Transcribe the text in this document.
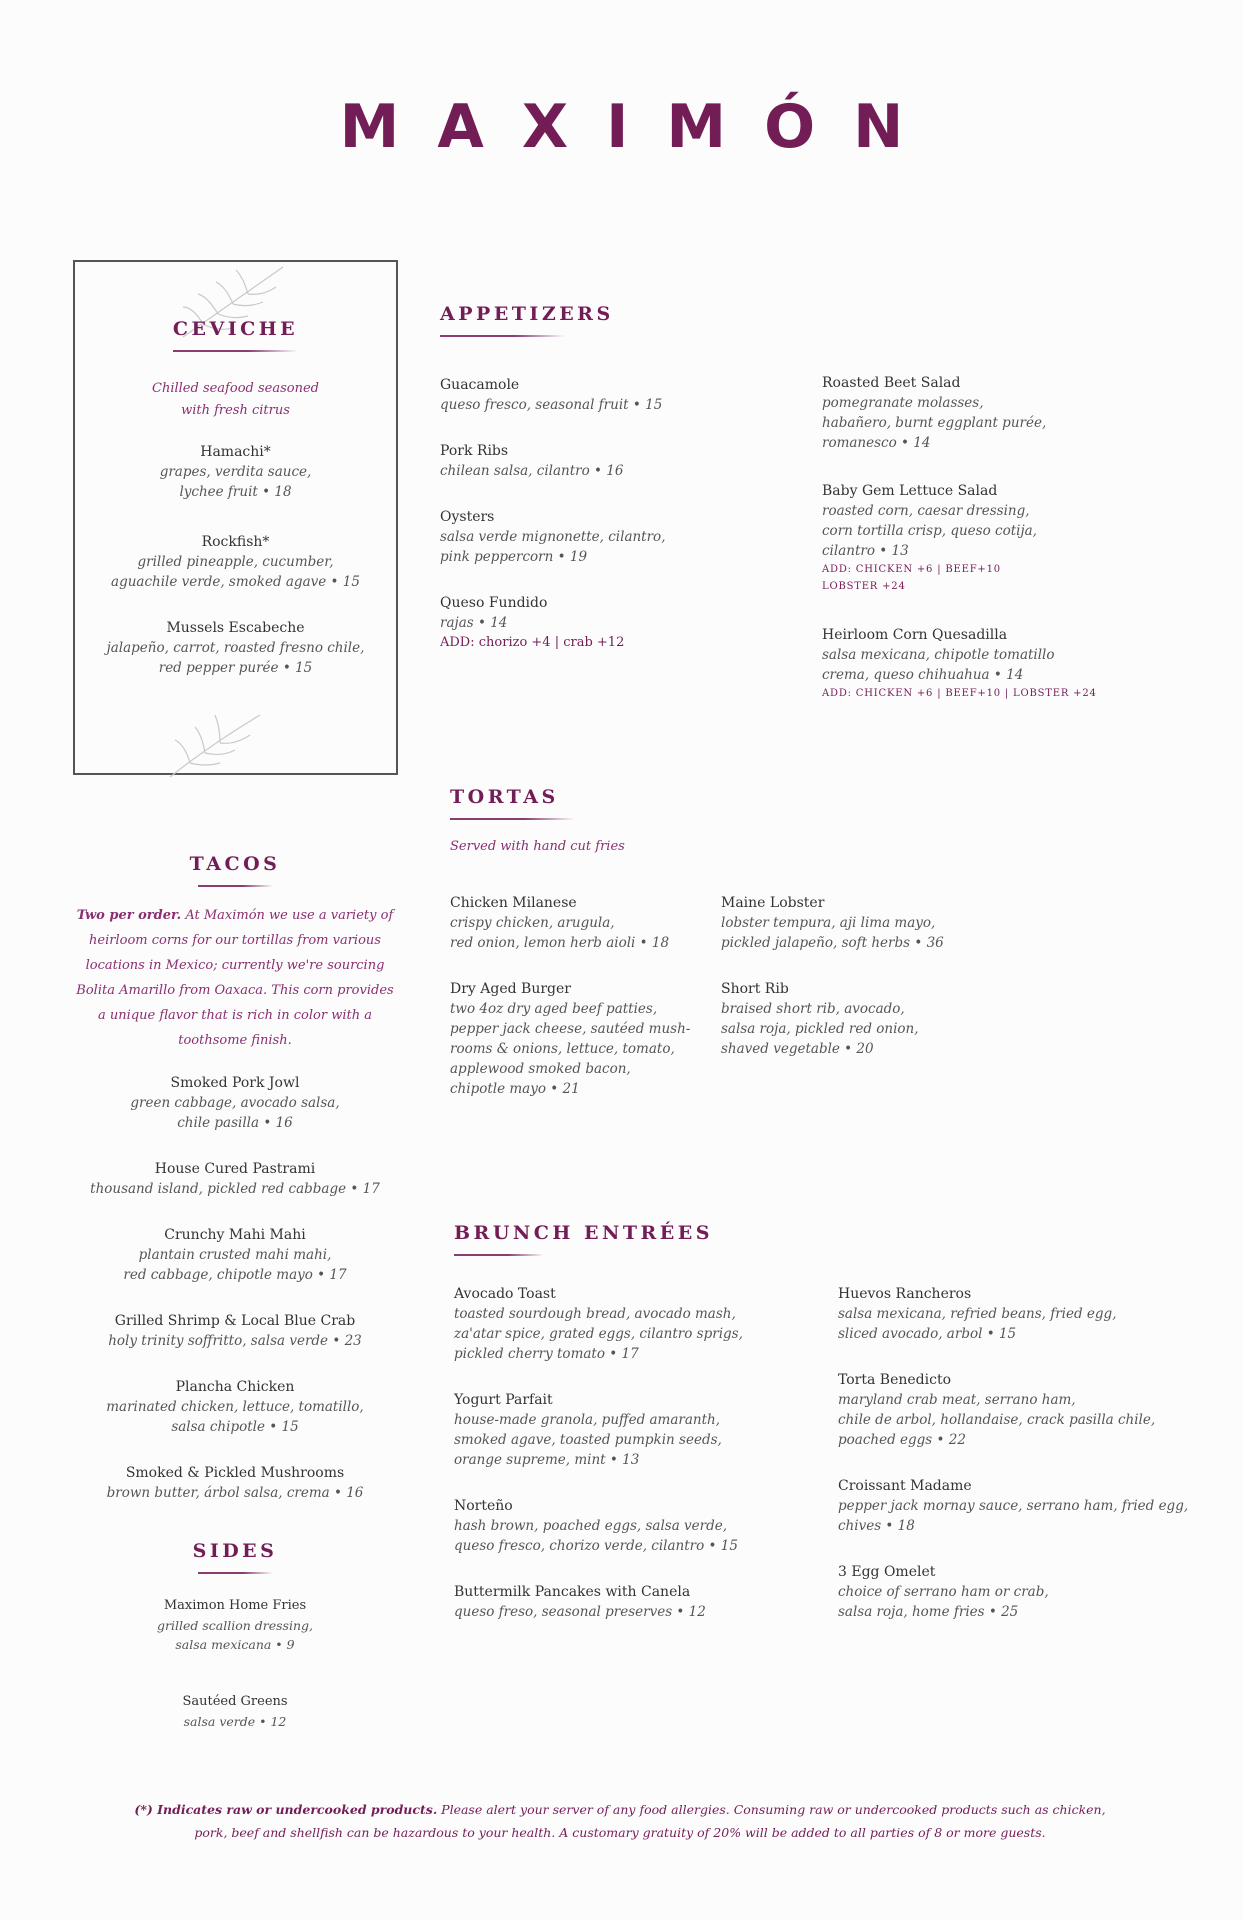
MAXIMÓN
CEVICHE
Chilled seafood seasoned
with fresh citrus

Hamachi*

grapes, verdita sauce,

lychee fruit • 18

Rockfish*

grilled pineapple, cucumber,

aguachile verde, smoked agave • 15

Mussels Escabeche

jalapeño, carrot, roasted fresno chile,

red pepper purée • 15

APPETIZERS

Guacamole

queso fresco, seasonal fruit • 15

Pork Ribs

chilean salsa, cilantro • 16

Oysters

salsa verde mignonette, cilantro,

pink peppercorn • 19

Queso Fundido

rajas • 14

ADD: chorizo +4 | crab +12

Roasted Beet Salad

pomegranate molasses,

habañero, burnt eggplant purée,

romanesco • 14

Baby Gem Lettuce Salad

roasted corn, caesar dressing,

corn tortilla crisp, queso cotija,

cilantro • 13

ADD: CHICKEN +6 | BEEF+10

LOBSTER +24

Heirloom Corn Quesadilla

salsa mexicana, chipotle tomatillo

crema, queso chihuahua • 14

ADD: CHICKEN +6 | BEEF+10 | LOBSTER +24

TACOS
Two per order. At Maximón we use a variety of heirloom corns for our tortillas from various locations in Mexico; currently we're sourcing Bolita Amarillo from Oaxaca. This corn provides a unique flavor that is rich in color with a toothsome finish.

Smoked Pork Jowl

green cabbage, avocado salsa,

chile pasilla • 16

House Cured Pastrami

thousand island, pickled red cabbage • 17

Crunchy Mahi Mahi

plantain crusted mahi mahi,

red cabbage, chipotle mayo • 17

Grilled Shrimp & Local Blue Crab

holy trinity soffritto, salsa verde • 23

Plancha Chicken

marinated chicken, lettuce, tomatillo,

salsa chipotle • 15

Smoked & Pickled Mushrooms

brown butter, árbol salsa, crema • 16

SIDES

Maximon Home Fries

grilled scallion dressing,

salsa mexicana • 9

Sautéed Greens

salsa verde • 12

TORTAS
Served with hand cut fries

Chicken Milanese

crispy chicken, arugula,

red onion, lemon herb aioli • 18

Dry Aged Burger

two 4oz dry aged beef patties,

pepper jack cheese, sautéed mush-

rooms & onions, lettuce, tomato,

applewood smoked bacon,

chipotle mayo • 21

Maine Lobster

lobster tempura, aji lima mayo,

pickled jalapeño, soft herbs • 36

Short Rib

braised short rib, avocado,

salsa roja, pickled red onion,

shaved vegetable • 20

BRUNCH ENTRÉES

Avocado Toast

toasted sourdough bread, avocado mash,

za'atar spice, grated eggs, cilantro sprigs,

pickled cherry tomato • 17

Yogurt Parfait

house-made granola, puffed amaranth,

smoked agave, toasted pumpkin seeds,

orange supreme, mint • 13

Norteño

hash brown, poached eggs, salsa verde,

queso fresco, chorizo verde, cilantro • 15

Buttermilk Pancakes with Canela

queso freso, seasonal preserves • 12

Huevos Rancheros

salsa mexicana, refried beans, fried egg,

sliced avocado, arbol • 15

Torta Benedicto

maryland crab meat, serrano ham,

chile de arbol, hollandaise, crack pasilla chile,

poached eggs • 22

Croissant Madame

pepper jack mornay sauce, serrano ham, fried egg,

chives • 18

3 Egg Omelet

choice of serrano ham or crab,

salsa roja, home fries • 25

(*) Indicates raw or undercooked products. Please alert your server of any food allergies. Consuming raw or undercooked products such as chicken, pork, beef and shellfish can be hazardous to your health. A customary gratuity of 20% will be added to all parties of 8 or more guests.
